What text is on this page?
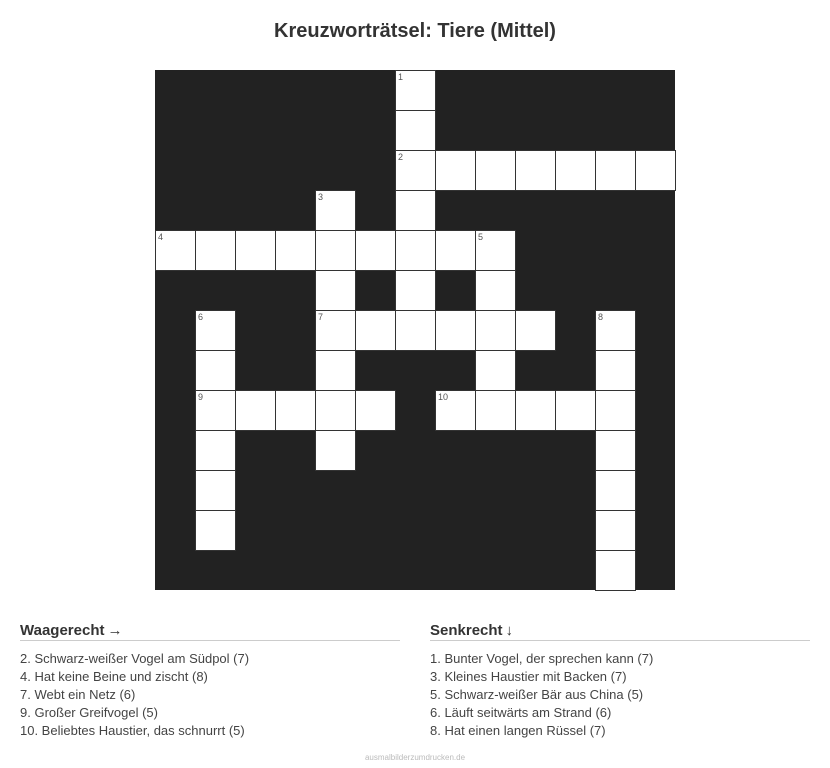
Kreuzworträtsel: Tiere (Mittel)
1
2
3
7
4	5
6
9
8
10
Waagerecht →
2. Schwarz-weißer Vogel am Südpol (7)
4. Hat keine Beine und zischt (8)
7. Webt ein Netz (6)
9. Großer Greifvogel (5)
10. Beliebtes Haustier, das schnurrt (5)
Senkrecht ↓
1. Bunter Vogel, der sprechen kann (7)
3. Kleines Haustier mit Backen (7)
5. Schwarz-weißer Bär aus China (5)
6. Läuft seitwärts am Strand (6)
8. Hat einen langen Rüssel (7)
ausmalbilderzumdrucken.de
